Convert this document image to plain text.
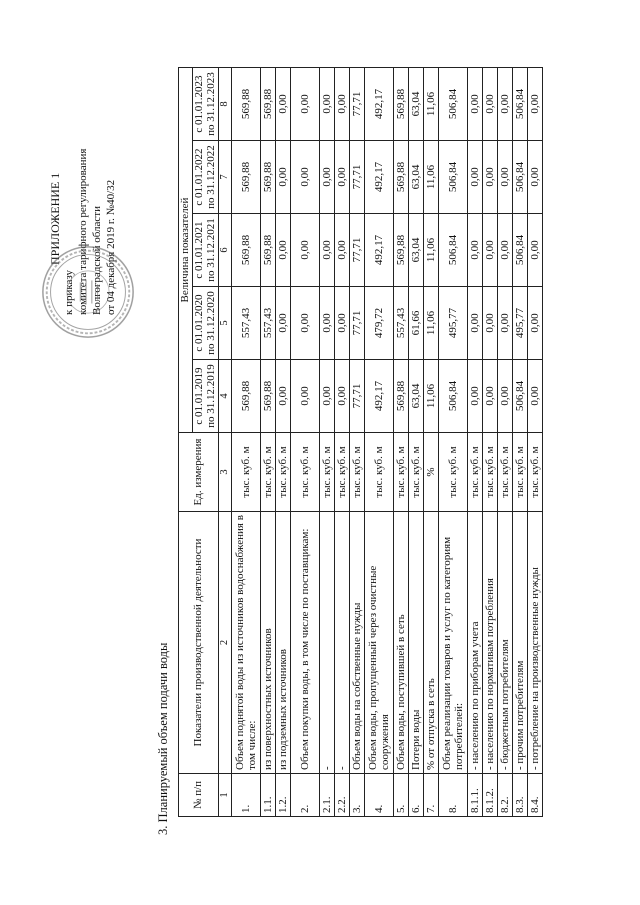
ПРИЛОЖЕНИЕ 1
к приказу комитета тарифного регулирования Волгоградской области от 04 декабря 2019 г. №40/32
3. Планируемый объем подачи воды № п/п	Показатели производственной деятельности	Ед. измерения	Величина показателей				
			с 01.01.2019 по 31.12.2019	с 01.01.2020 по 31.12.2020	с 01.01.2021 по 31.12.2021	с 01.01.2022 по 31.12.2022	с 01.01.2023 по 31.12.2023
1	2	3	4	5	6	7	8
1.	Объем поднятой воды из источников водоснабжения в том числе:	тыс. куб. м	569,88	557,43	569,88	569,88	569,88
1.1.	из поверхностных источников	тыс. куб. м	569,88	557,43	569,88	569,88	569,88
1.2.	из подземных источников	тыс. куб. м	0,00	0,00	0,00	0,00	0,00
2.	Объем покупки воды, в том числе по поставщикам:	тыс. куб. м	0,00	0,00	0,00	0,00	0,00
2.1.	-	тыс. куб. м	0,00	0,00	0,00	0,00	0,00
2.2.	-	тыс. куб. м	0,00	0,00	0,00	0,00	0,00
3.	Объем воды на собственные нужды	тыс. куб. м	77,71	77,71	77,71	77,71	77,71
4.	Объем воды, пропущенный через очистные сооружения	тыс. куб. м	492,17	479,72	492,17	492,17	492,17
5.	Объем воды, поступившей в сеть	тыс. куб. м	569,88	557,43	569,88	569,88	569,88
6.	Потери воды	тыс. куб. м	63,04	61,66	63,04	63,04	63,04
7.	% от отпуска в сеть	%	11,06	11,06	11,06	11,06	11,06
8.	Объем реализации товаров и услуг по категориям потребителей:	тыс. куб. м	506,84	495,77	506,84	506,84	506,84
8.1.1.	- населению по приборам учета	тыс. куб. м	0,00	0,00	0,00	0,00	0,00
8.1.2.	- населению по нормативам потребления	тыс. куб. м	0,00	0,00	0,00	0,00	0,00
8.2.	- бюджетным потребителям	тыс. куб. м	0,00	0,00	0,00	0,00	0,00
8.3.	- прочим потребителям	тыс. куб. м	506,84	495,77	506,84	506,84	506,84
8.4.	- потребление на производственные нужды	тыс. куб. м	0,00	0,00	0,00	0,00	0,00
